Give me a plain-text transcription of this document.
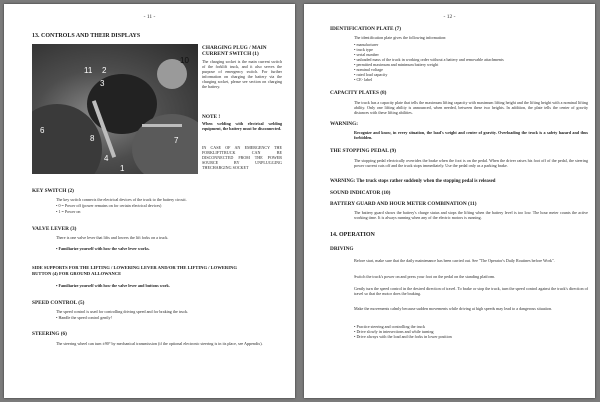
- 11 -
13. CONTROLS AND THEIR DISPLAYS
11 2
3
10
6
8
4
1
7
CHARGING PLUG / MAIN
CURRENT SWITCH (1)
The charging socket is the main current switch of the forklift truck, and it also serves the purpose of emergency switch. For further information on charging the battery via the charging socket, please see section on charging the battery.
NOTE !
When welding with electrical welding equipment, the battery must be disconnected.
IN CASE OF AN EMERGENCY THE FORKLIFTTRUCK CAN BE DISCONNECTED FROM THE POWER SOURCE BY UNPLUGGING THECHARGING SOCKET
KEY SWITCH (2)
The key switch connects the electrical devices of the truck to the battery circuit.
• 0 = Power off (power remains on for certain electrical devices)
• 1 = Power on
VALVE LEVER (3)
There is one valve lever that lifts and lowers the lift forks on a truck.
• Familiarize yourself with how the valve lever works.
SIDE SUPPORTS FOR THE LIFTING / LOWERING LEVER AND/OR THE LIFTING / LOWERING
BUTTON (4) FOR GROUND ALLOWANCE
• Familiarize yourself with how the valve lever and buttons work.
SPEED CONTROL (5)
The speed control is used for controlling driving speed and for braking the truck.
• Handle the speed control gently!
STEERING (6)
The steering wheel can turn ±90° by mechanical transmission (if the optional electronic steering is in its place, see Appendix).
- 12 -
IDENTIFICATION PLATE (7)
The identification plate gives the following information:
• manufacturer
• truck type
• serial number
• unloaded mass of the truck in working order without a battery and removable attachments
• permitted maximum and minimum battery weight
• nominal voltage
• rated load capacity
• CE- label
CAPACITY PLATES (8)
The truck has a capacity plate that tells the maximum lifting capacity with maximum lifting height and the lifting height with a nominal lifting ability. Only one lifting ability is announced, when needed, between these two heights. In addition, the plate tells the center of gravity distances with these lifting abilities.
WARNING:
Recognize and know, in every situation, the load's weight and center of gravity. Overloading the truck is a safety hazard and thus forbidden.
THE STOPPING PEDAL (9)
The stopping pedal electrically overrides the brake when the foot is on the pedal. When the driver raises his foot off of the pedal, the steering power current cuts off and the truck stops immediately. Use the pedal only as a parking brake.
WARNING: The truck stops rather suddenly when the stopping pedal is released
SOUND INDICATOR (10)
BATTERY GUARD AND HOUR METER COMBINATION (11)
The battery guard shows the battery's charge status and stops the lifting when the battery level is too low. The hour meter counts the active working time. It is always running when any of the electric motors is running.
14. OPERATION
DRIVING
Before start, make sure that the daily maintenance has been carried out. See "The Operator's Daily Routines before Work".
Switch the truck's power on and press your foot on the pedal on the standing platform.
Gently turn the speed control in the desired direction of travel. To brake or stop the truck, turn the speed control against the truck's direction of travel so that the motor does the braking.
Make the movements calmly because sudden movements while driving at high speeds may lead to a dangerous situation.
• Practice steering and controlling the truck
• Drive slowly in intersections and while turning
• Drive always with the load and the forks in lower position
